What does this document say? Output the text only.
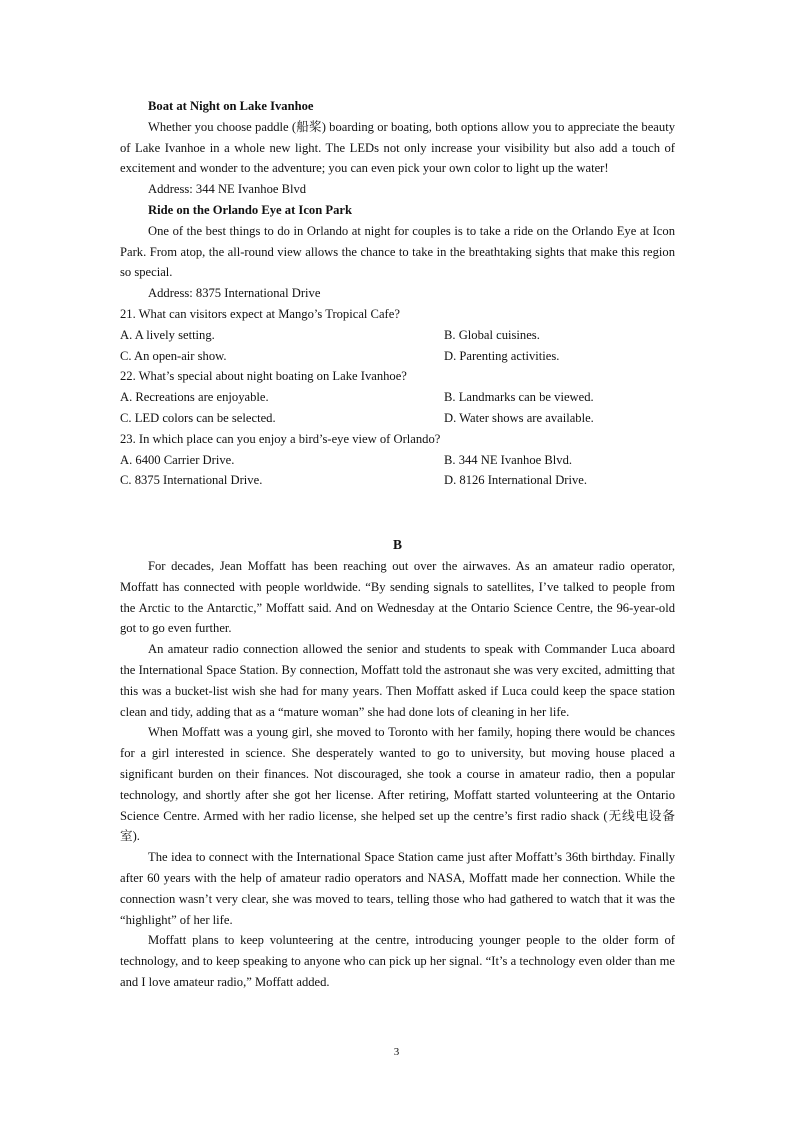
Boat at Night on Lake Ivanhoe

Whether you choose paddle (船桨) boarding or boating, both options allow you to appreciate the beauty of Lake Ivanhoe in a whole new light. The LEDs not only increase your visibility but also add a touch of excitement and wonder to the adventure; you can even pick your own color to light up the water!

Address: 344 NE Ivanhoe Blvd

Ride on the Orlando Eye at Icon Park

One of the best things to do in Orlando at night for couples is to take a ride on the Orlando Eye at Icon Park. From atop, the all-round view allows the chance to take in the breathtaking sights that make this region so special.

Address: 8375 International Drive

21. What can visitors expect at Mango’s Tropical Cafe?

A. A lively setting.	B. Global cuisines.

C. An open-air show.	D. Parenting activities.

22. What’s special about night boating on Lake Ivanhoe?

A. Recreations are enjoyable.	B. Landmarks can be viewed.

C. LED colors can be selected.	D. Water shows are available.

23. In which place can you enjoy a bird’s-eye view of Orlando?

A. 6400 Carrier Drive.	B. 344 NE Ivanhoe Blvd.

C. 8375 International Drive.	D. 8126 International Drive.

B

For decades, Jean Moffatt has been reaching out over the airwaves. As an amateur radio operator, Moffatt has connected with people worldwide. “By sending signals to satellites, I’ve talked to people from the Arctic to the Antarctic,” Moffatt said. And on Wednesday at the Ontario Science Centre, the 96-year-old got to go even further.

An amateur radio connection allowed the senior and students to speak with Commander Luca aboard the International Space Station. By connection, Moffatt told the astronaut she was very excited, admitting that this was a bucket-list wish she had for many years. Then Moffatt asked if Luca could keep the space station clean and tidy, adding that as a “mature woman” she had done lots of cleaning in her life.

When Moffatt was a young girl, she moved to Toronto with her family, hoping there would be chances for a girl interested in science. She desperately wanted to go to university, but moving house placed a significant burden on their finances. Not discouraged, she took a course in amateur radio, then a popular technology, and shortly after she got her license. After retiring, Moffatt started volunteering at the Ontario Science Centre. Armed with her radio license, she helped set up the centre’s first radio shack (无线电设备室).

The idea to connect with the International Space Station came just after Moffatt’s 36th birthday. Finally after 60 years with the help of amateur radio operators and NASA, Moffatt made her connection. While the connection wasn’t very clear, she was moved to tears, telling those who had gathered to watch that it was the “highlight” of her life.

Moffatt plans to keep volunteering at the centre, introducing younger people to the older form of technology, and to keep speaking to anyone who can pick up her signal. “It’s a technology even older than me and I love amateur radio,” Moffatt added.

3
